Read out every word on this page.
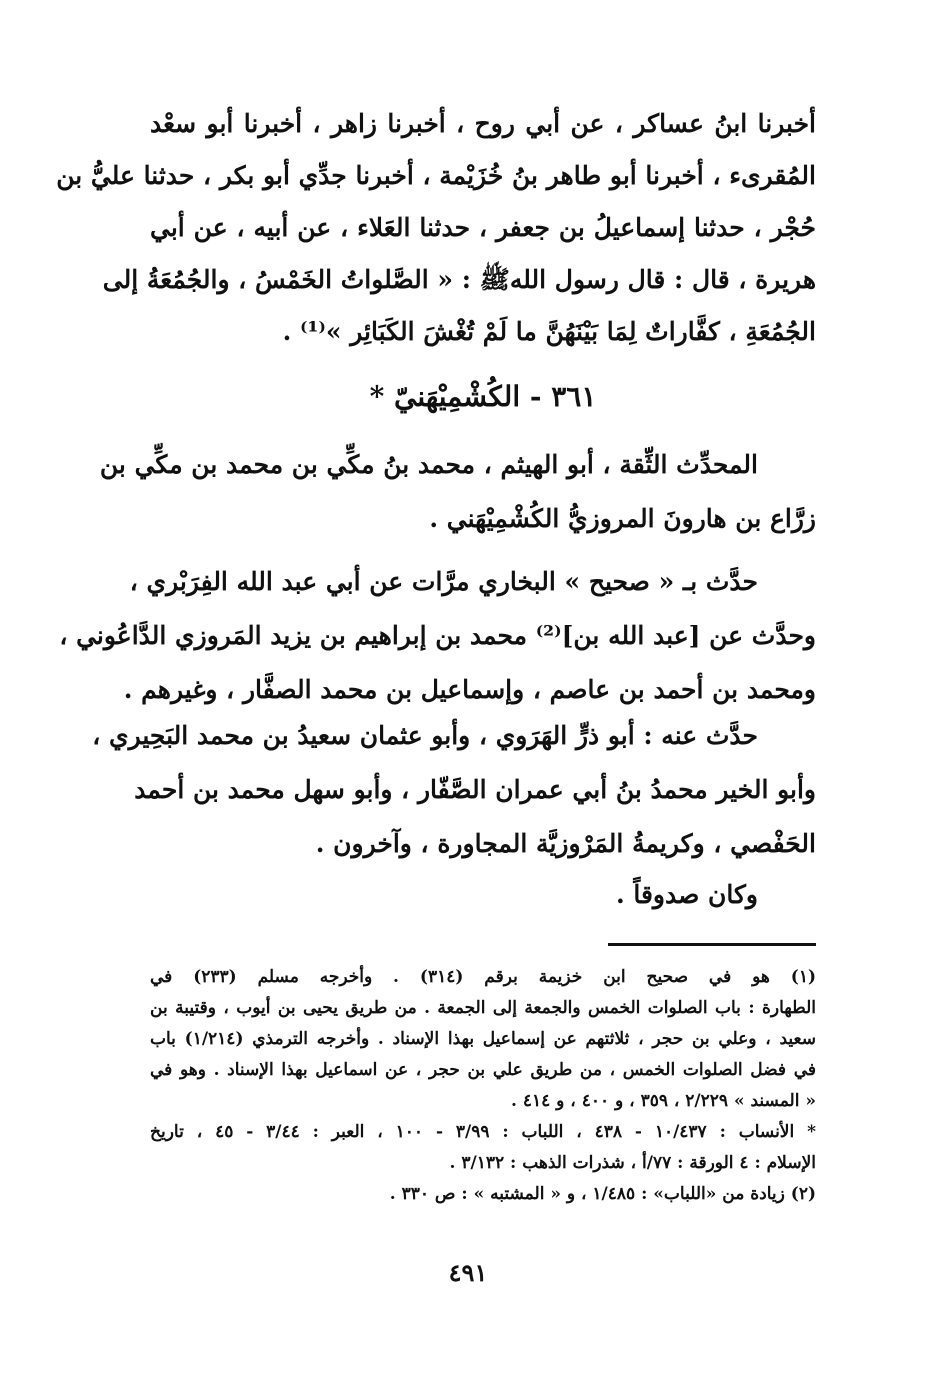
أخبرنا ابنُ عساكر ، عن أبي روح ، أخبرنا زاهر ، أخبرنا أبو سعْد
المُقرىء ، أخبرنا أبو طاهر بنُ خُزَيْمة ، أخبرنا جدِّي أبو بكر ، حدثنا عليُّ بن
حُجْر ، حدثنا إسماعيلُ بن جعفر ، حدثنا العَلاء ، عن أبيه ، عن أبي
هريرة ، قال : قال رسول اللهﷺ : « الصَّلواتُ الخَمْسُ ، والجُمُعَةُ إلى
الجُمُعَةِ ، كفَّاراتٌ لِمَا بَيْنَهُنَّ ما لَمْ تُغْشَ الكَبَائِر »⁽¹⁾ .
٣٦١ - الكُشْمِيْهَنيّ *
المحدِّث الثِّقة ، أبو الهيثم ، محمد بنُ مكِّي بن محمد بن مكِّي بن
زرَّاع بن هارونَ المروزيُّ الكُشْمِيْهَني .
حدَّث بـ « صحيح » البخاري مرَّات عن أبي عبد الله الفِرَبْري ،
وحدَّث عن [عبد الله بن]⁽²⁾ محمد بن إبراهيم بن يزيد المَروزي الدَّاعُوني ،
ومحمد بن أحمد بن عاصم ، وإسماعيل بن محمد الصفَّار ، وغيرهم .
حدَّث عنه : أبو ذرٍّ الهَرَوي ، وأبو عثمان سعيدُ بن محمد البَحِيري ،
وأبو الخير محمدُ بنُ أبي عمران الصَّفّار ، وأبو سهل محمد بن أحمد
الحَفْصي ، وكريمةُ المَرْوزيَّة المجاورة ، وآخرون .
وكان صدوقاً .
(١) هو في صحيح ابن خزيمة برقم (٣١٤) . وأخرجه مسلم (٢٣٣) في
الطهارة : باب الصلوات الخمس والجمعة إلى الجمعة . من طريق يحيى بن أيوب ، وقتيبة بن
سعيد ، وعلي بن حجر ، ثلاثتهم عن إسماعيل بهذا الإسناد . وأخرجه الترمذي (١/٢١٤) باب
في فضل الصلوات الخمس ، من طريق علي بن حجر ، عن اسماعيل بهذا الإسناد . وهو في
« المسند » ٢/٢٢٩ ، ٣٥٩ ، و ٤٠٠ ، و ٤١٤ .
* الأنساب : ١٠/٤٣٧ - ٤٣٨ ، اللباب : ٣/٩٩ - ١٠٠ ، العبر : ٣/٤٤ - ٤٥ ، تاريخ
الإسلام : ٤ الورقة : ٧٧/أ ، شذرات الذهب : ٣/١٣٢ .
(٢) زيادة من «اللباب» : ١/٤٨٥ ، و « المشتبه » : ص ٣٣٠ .
٤٩١
